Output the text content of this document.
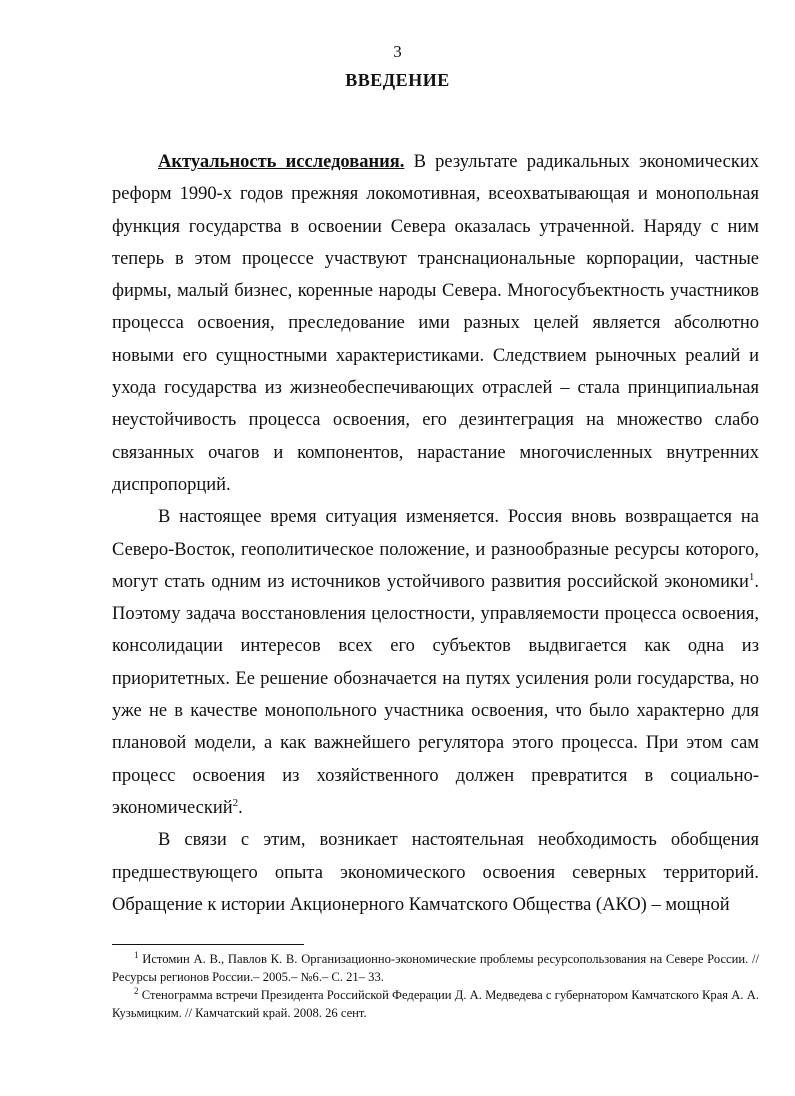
3
ВВЕДЕНИЕ

Актуальность исследования. В результате радикальных экономических реформ 1990-х годов прежняя локомотивная, всеохватывающая и монопольная функция государства в освоении Севера оказалась утраченной. Наряду с ним теперь в этом процессе участвуют транснациональные корпорации, частные фирмы, малый бизнес, коренные народы Севера. Многосубъектность участников процесса освоения, преследование ими разных целей является абсолютно новыми его сущностными характеристиками. Следствием рыночных реалий и ухода государства из жизнеобеспечивающих отраслей – стала принципиальная неустойчивость процесса освоения, его дезинтеграция на множество слабо связанных очагов и компонентов, нарастание многочисленных внутренних диспропорций.

В настоящее время ситуация изменяется. Россия вновь возвращается на Северо-Восток, геополитическое положение, и разнообразные ресурсы которого, могут стать одним из источников устойчивого развития российской экономики$^1$. Поэтому задача восстановления целостности, управляемости процесса освоения, консолидации интересов всех его субъектов выдвигается как одна из приоритетных. Ее решение обозначается на путях усиления роли государства, но уже не в качестве монопольного участника освоения, что было характерно для плановой модели, а как важнейшего регулятора этого процесса. При этом сам процесс освоения из хозяйственного должен превратится в социально-экономический$^2$.

В связи с этим, возникает настоятельная необходимость обобщения предшествующего опыта экономического освоения северных территорий. Обращение к истории Акционерного Камчатского Общества (АКО) – мощной

$^1$ Истомин А. В., Павлов К. В. Организационно-экономические проблемы ресурсопользования на Севере России. // Ресурсы регионов России.– 2005.– №6.– С. 21– 33.

$^2$ Стенограмма встречи Президента Российской Федерации Д. А. Медведева с губернатором Камчатского Края А. А. Кузьмицким. // Камчатский край. 2008. 26 сент.
